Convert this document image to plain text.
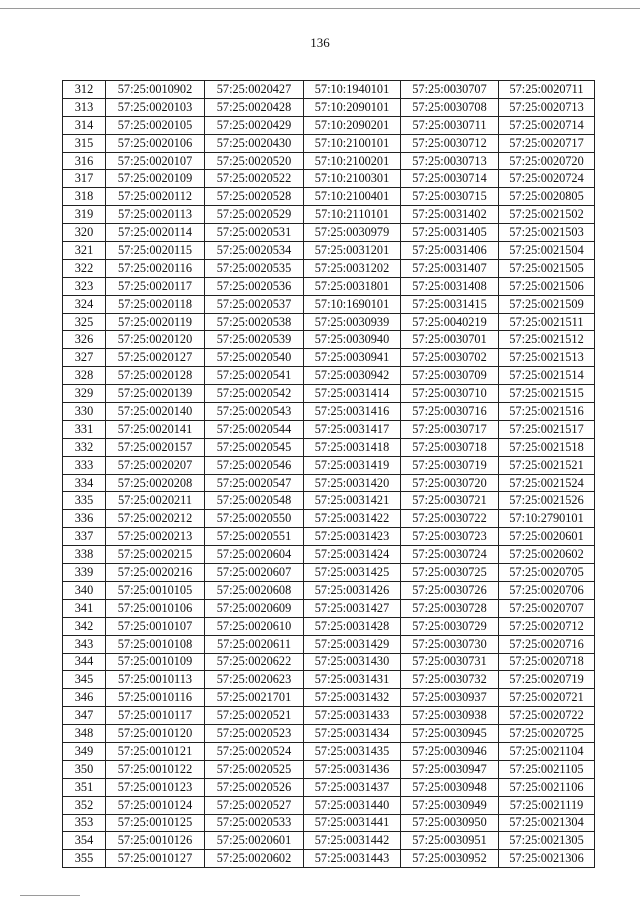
136
312	57:25:0010902	57:25:0020427	57:10:1940101	57:25:0030707	57:25:0020711
313	57:25:0020103	57:25:0020428	57:10:2090101	57:25:0030708	57:25:0020713
314	57:25:0020105	57:25:0020429	57:10:2090201	57:25:0030711	57:25:0020714
315	57:25:0020106	57:25:0020430	57:10:2100101	57:25:0030712	57:25:0020717
316	57:25:0020107	57:25:0020520	57:10:2100201	57:25:0030713	57:25:0020720
317	57:25:0020109	57:25:0020522	57:10:2100301	57:25:0030714	57:25:0020724
318	57:25:0020112	57:25:0020528	57:10:2100401	57:25:0030715	57:25:0020805
319	57:25:0020113	57:25:0020529	57:10:2110101	57:25:0031402	57:25:0021502
320	57:25:0020114	57:25:0020531	57:25:0030979	57:25:0031405	57:25:0021503
321	57:25:0020115	57:25:0020534	57:25:0031201	57:25:0031406	57:25:0021504
322	57:25:0020116	57:25:0020535	57:25:0031202	57:25:0031407	57:25:0021505
323	57:25:0020117	57:25:0020536	57:25:0031801	57:25:0031408	57:25:0021506
324	57:25:0020118	57:25:0020537	57:10:1690101	57:25:0031415	57:25:0021509
325	57:25:0020119	57:25:0020538	57:25:0030939	57:25:0040219	57:25:0021511
326	57:25:0020120	57:25:0020539	57:25:0030940	57:25:0030701	57:25:0021512
327	57:25:0020127	57:25:0020540	57:25:0030941	57:25:0030702	57:25:0021513
328	57:25:0020128	57:25:0020541	57:25:0030942	57:25:0030709	57:25:0021514
329	57:25:0020139	57:25:0020542	57:25:0031414	57:25:0030710	57:25:0021515
330	57:25:0020140	57:25:0020543	57:25:0031416	57:25:0030716	57:25:0021516
331	57:25:0020141	57:25:0020544	57:25:0031417	57:25:0030717	57:25:0021517
332	57:25:0020157	57:25:0020545	57:25:0031418	57:25:0030718	57:25:0021518
333	57:25:0020207	57:25:0020546	57:25:0031419	57:25:0030719	57:25:0021521
334	57:25:0020208	57:25:0020547	57:25:0031420	57:25:0030720	57:25:0021524
335	57:25:0020211	57:25:0020548	57:25:0031421	57:25:0030721	57:25:0021526
336	57:25:0020212	57:25:0020550	57:25:0031422	57:25:0030722	57:10:2790101
337	57:25:0020213	57:25:0020551	57:25:0031423	57:25:0030723	57:25:0020601
338	57:25:0020215	57:25:0020604	57:25:0031424	57:25:0030724	57:25:0020602
339	57:25:0020216	57:25:0020607	57:25:0031425	57:25:0030725	57:25:0020705
340	57:25:0010105	57:25:0020608	57:25:0031426	57:25:0030726	57:25:0020706
341	57:25:0010106	57:25:0020609	57:25:0031427	57:25:0030728	57:25:0020707
342	57:25:0010107	57:25:0020610	57:25:0031428	57:25:0030729	57:25:0020712
343	57:25:0010108	57:25:0020611	57:25:0031429	57:25:0030730	57:25:0020716
344	57:25:0010109	57:25:0020622	57:25:0031430	57:25:0030731	57:25:0020718
345	57:25:0010113	57:25:0020623	57:25:0031431	57:25:0030732	57:25:0020719
346	57:25:0010116	57:25:0021701	57:25:0031432	57:25:0030937	57:25:0020721
347	57:25:0010117	57:25:0020521	57:25:0031433	57:25:0030938	57:25:0020722
348	57:25:0010120	57:25:0020523	57:25:0031434	57:25:0030945	57:25:0020725
349	57:25:0010121	57:25:0020524	57:25:0031435	57:25:0030946	57:25:0021104
350	57:25:0010122	57:25:0020525	57:25:0031436	57:25:0030947	57:25:0021105
351	57:25:0010123	57:25:0020526	57:25:0031437	57:25:0030948	57:25:0021106
352	57:25:0010124	57:25:0020527	57:25:0031440	57:25:0030949	57:25:0021119
353	57:25:0010125	57:25:0020533	57:25:0031441	57:25:0030950	57:25:0021304
354	57:25:0010126	57:25:0020601	57:25:0031442	57:25:0030951	57:25:0021305
355	57:25:0010127	57:25:0020602	57:25:0031443	57:25:0030952	57:25:0021306
